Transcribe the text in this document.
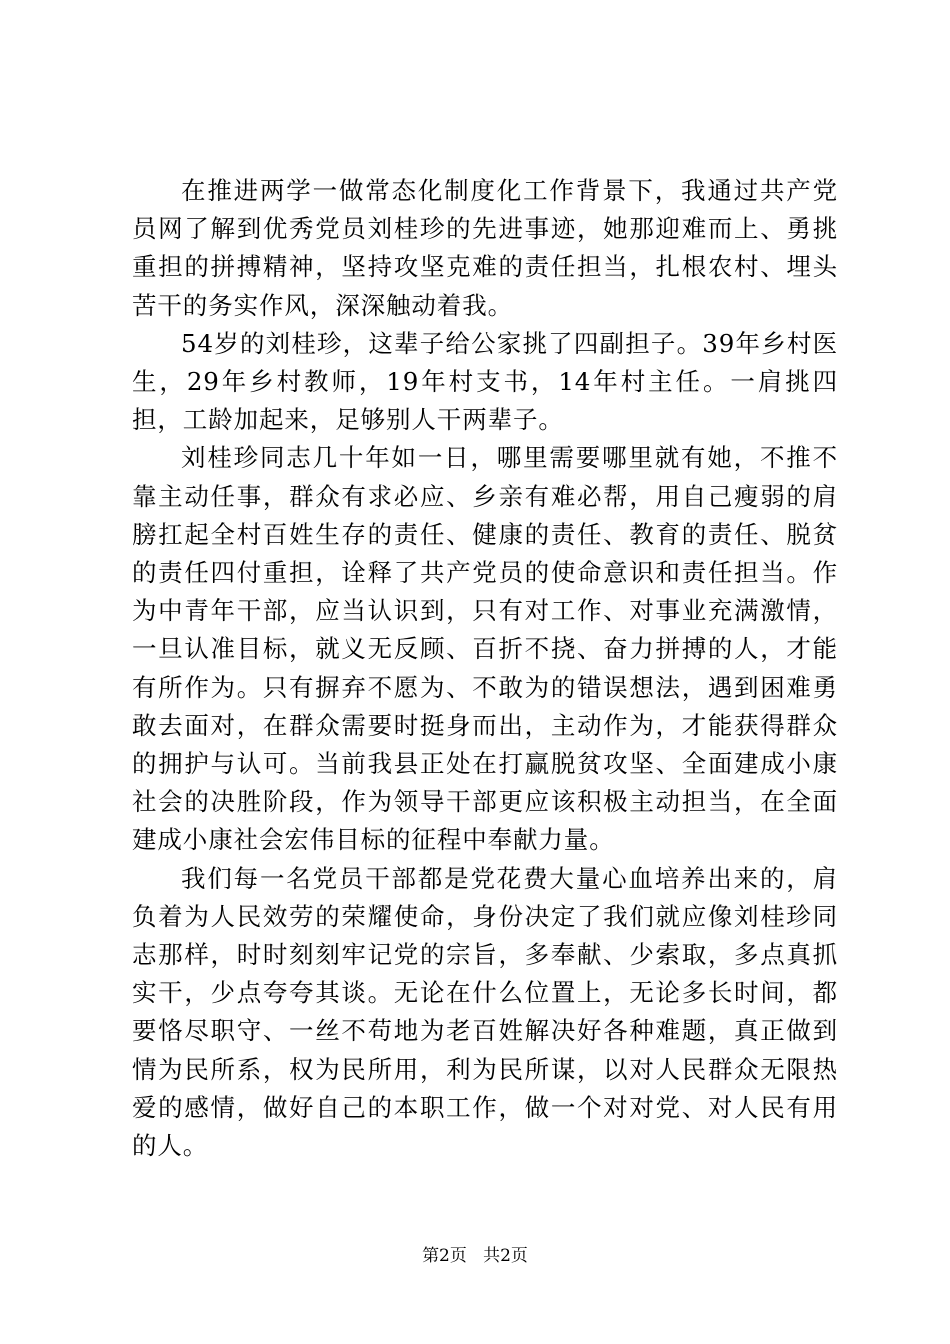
在推进两学一做常态化制度化工作背景下，我通过共产党员网了解到优秀党员刘桂珍的先进事迹，她那迎难而上、勇挑重担的拼搏精神，坚持攻坚克难的责任担当，扎根农村、埋头苦干的务实作风，深深触动着我。

54岁的刘桂珍，这辈子给公家挑了四副担子。39年乡村医生，29年乡村教师，19年村支书，14年村主任。一肩挑四担，工龄加起来，足够别人干两辈子。

刘桂珍同志几十年如一日，哪里需要哪里就有她，不推不靠主动任事，群众有求必应、乡亲有难必帮，用自己瘦弱的肩膀扛起全村百姓生存的责任、健康的责任、教育的责任、脱贫的责任四付重担，诠释了共产党员的使命意识和责任担当。作为中青年干部，应当认识到，只有对工作、对事业充满激情，一旦认准目标，就义无反顾、百折不挠、奋力拼搏的人，才能有所作为。只有摒弃不愿为、不敢为的错误想法，遇到困难勇敢去面对，在群众需要时挺身而出，主动作为，才能获得群众的拥护与认可。当前我县正处在打赢脱贫攻坚、全面建成小康社会的决胜阶段，作为领导干部更应该积极主动担当，在全面建成小康社会宏伟目标的征程中奉献力量。

我们每一名党员干部都是党花费大量心血培养出来的，肩负着为人民效劳的荣耀使命，身份决定了我们就应像刘桂珍同志那样，时时刻刻牢记党的宗旨，多奉献、少索取，多点真抓实干，少点夸夸其谈。无论在什么位置上，无论多长时间，都要恪尽职守、一丝不苟地为老百姓解决好各种难题，真正做到情为民所系，权为民所用，利为民所谋，以对人民群众无限热爱的感情，做好自己的本职工作，做一个对对党、对人民有用的人。

第2页 共2页
